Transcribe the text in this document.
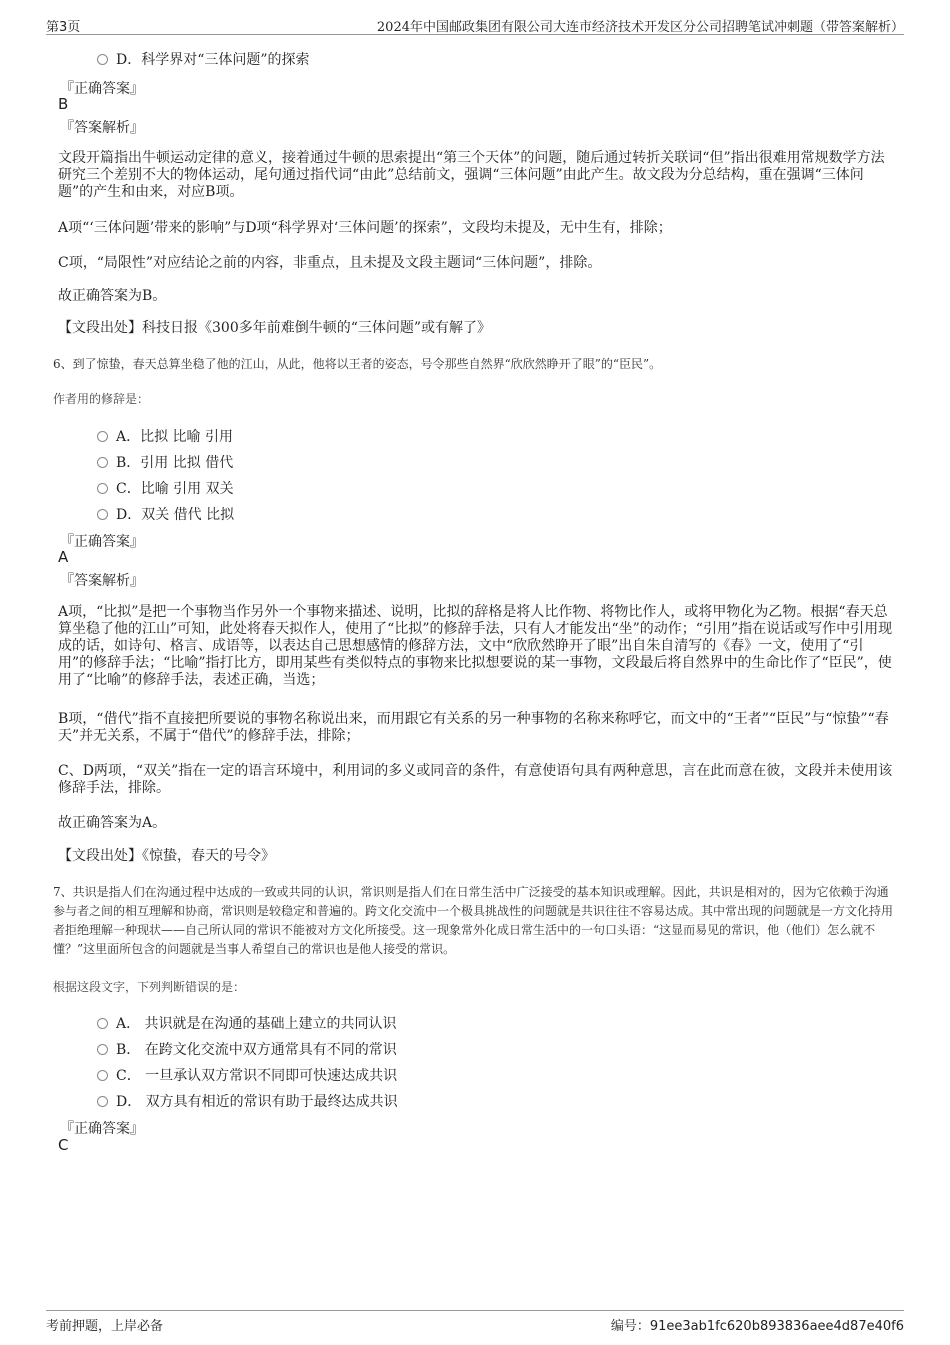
第3页	2024年中国邮政集团有限公司大连市经济技术开发区分公司招聘笔试冲刺题（带答案解析）
D．科学界对“三体问题”的探索
『正确答案』
B
『答案解析』
文段开篇指出牛顿运动定律的意义，接着通过牛顿的思索提出“第三个天体”的问题，随后通过转折关联词“但”指出很难用常规数学方法研究三个差别不大的物体运动，尾句通过指代词“由此”总结前文，强调“三体问题”由此产生。故文段为分总结构，重在强调“三体问题”的产生和由来，对应B项。
A项“‘三体问题’带来的影响”与D项“科学界对‘三体问题’的探索”，文段均未提及，无中生有，排除；
C项，“局限性”对应结论之前的内容，非重点，且未提及文段主题词“三体问题”，排除。
故正确答案为B。
【文段出处】科技日报《300多年前难倒牛顿的“三体问题”或有解了》
6、到了惊蛰，春天总算坐稳了他的江山，从此，他将以王者的姿态，号令那些自然界“欣欣然睁开了眼”的“臣民”。
作者用的修辞是：
A．比拟 比喻 引用
B．引用 比拟 借代
C．比喻 引用 双关
D．双关 借代 比拟
『正确答案』
A
『答案解析』
A项，“比拟”是把一个事物当作另外一个事物来描述、说明，比拟的辞格是将人比作物、将物比作人，或将甲物化为乙物。根据“春天总算坐稳了他的江山”可知，此处将春天拟作人，使用了“比拟”的修辞手法，只有人才能发出“坐”的动作；“引用”指在说话或写作中引用现成的话，如诗句、格言、成语等，以表达自己思想感情的修辞方法，文中“欣欣然睁开了眼”出自朱自清写的《春》一文，使用了“引用”的修辞手法；“比喻”指打比方，即用某些有类似特点的事物来比拟想要说的某一事物，文段最后将自然界中的生命比作了“臣民”，使用了“比喻”的修辞手法，表述正确，当选；
B项，“借代”指不直接把所要说的事物名称说出来，而用跟它有关系的另一种事物的名称来称呼它，而文中的“王者”“臣民”与“惊蛰”“春天”并无关系，不属于“借代”的修辞手法，排除；
C、D两项，“双关”指在一定的语言环境中，利用词的多义或同音的条件，有意使语句具有两种意思，言在此而意在彼，文段并未使用该修辞手法，排除。
故正确答案为A。
【文段出处】《惊蛰，春天的号令》
7、共识是指人们在沟通过程中达成的一致或共同的认识，常识则是指人们在日常生活中广泛接受的基本知识或理解。因此，共识是相对的，因为它依赖于沟通参与者之间的相互理解和协商，常识则是较稳定和普遍的。跨文化交流中一个极具挑战性的问题就是共识往往不容易达成。其中常出现的问题就是一方文化持用者拒绝理解一种现状——自己所认同的常识不能被对方文化所接受。这一现象常外化成日常生活中的一句口头语：“这显而易见的常识，他（他们）怎么就不懂？”这里面所包含的问题就是当事人希望自己的常识也是他人接受的常识。
根据这段文字，下列判断错误的是：
A． 共识就是在沟通的基础上建立的共同认识
B． 在跨文化交流中双方通常具有不同的常识
C． 一旦承认双方常识不同即可快速达成共识
D． 双方具有相近的常识有助于最终达成共识
『正确答案』
C
考前押题，上岸必备	编号：91ee3ab1fc620b893836aee4d87e40f6
